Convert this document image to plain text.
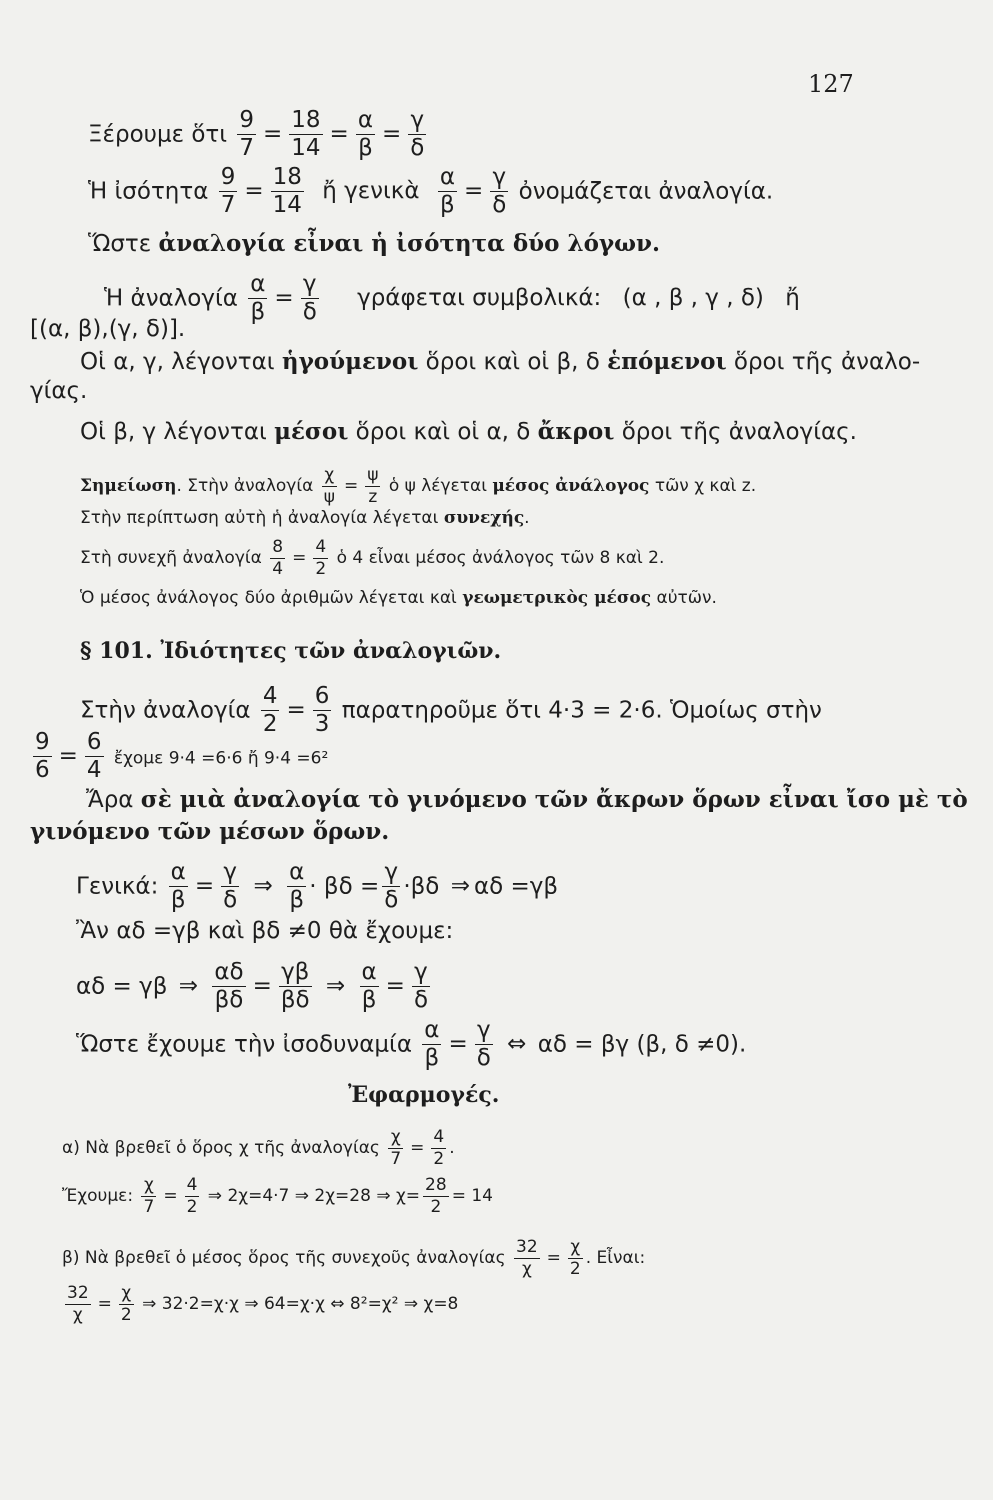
127
Ξέρουμε ὅτι $\frac{9}{7} = \frac{18}{14} = \frac{\alpha}{\beta} = \frac{\gamma}{\delta}$
Ἡ ἰσότητα $\frac{9}{7} = \frac{18}{14}$ ἤ γενικὰ $\frac{\alpha}{\beta} = \frac{\gamma}{\delta}$ ὀνομάζεται ἀναλογία.
Ὥστε ἀναλογία εἶναι ἡ ἰσότητα δύο λόγων.
Ἡ ἀναλογία $\frac{\alpha}{\beta} = \frac{\gamma}{\delta}$ γράφεται συμβολικά: (α , β , γ , δ) ἤ
[(α, β),(γ, δ)].
Οἱ α, γ, λέγονται ἡγούμενοι ὅροι καὶ οἱ β, δ ἑπόμενοι ὅροι τῆς ἀναλο-
γίας.
Οἱ β, γ λέγονται μέσοι ὅροι καὶ οἱ α, δ ἄκροι ὅροι τῆς ἀναλογίας.
Σημείωση. Στὴν ἀναλογία $\frac{\chi}{\psi} = \frac{\psi}{z}$ ὁ ψ λέγεται μέσος ἀνάλογος τῶν χ καὶ z.
Στὴν περίπτωση αὐτὴ ἡ ἀναλογία λέγεται συνεχής.
Στὴ συνεχῆ ἀναλογία $\frac{8}{4} = \frac{4}{2}$ ὁ 4 εἶναι μέσος ἀνάλογος τῶν 8 καὶ 2.
Ὁ μέσος ἀνάλογος δύο ἀριθμῶν λέγεται καὶ γεωμετρικὸς μέσος αὐτῶν.
§ 101. Ἰδιότητες τῶν ἀναλογιῶν.
Στὴν ἀναλογία $\frac{4}{2} = \frac{6}{3}$ παρατηροῦμε ὅτι 4·3 = 2·6. Ὁμοίως στὴν
$\frac{9}{6} = \frac{6}{4}$ ἔχομε 9·4 =6·6 ἤ 9·4 =6²
Ἄρα σὲ μιὰ ἀναλογία τὸ γινόμενο τῶν ἄκρων ὅρων εἶναι ἴσο μὲ τὸ
γινόμενο τῶν μέσων ὅρων.
Γενικά: $\frac{\alpha}{\beta} = \frac{\gamma}{\delta}$ ⇒ $\frac{\alpha}{\beta} \cdot \beta\delta = \frac{\gamma}{\delta} \cdot\beta\delta$ ⇒ αδ =γβ
Ἂν αδ =γβ καὶ βδ ≠0 θὰ ἔχουμε:
αδ = γβ ⇒ $\frac{\alpha\delta}{\beta\delta} = \frac{\gamma\beta}{\beta\delta}$ ⇒ $\frac{\alpha}{\beta} = \frac{\gamma}{\delta}$
Ὥστε ἔχουμε τὴν ἰσοδυναμία $\frac{\alpha}{\beta} = \frac{\gamma}{\delta}$ ⇔ αδ = βγ (β, δ ≠0).
Ἐφαρμογές.
α) Νὰ βρεθεῖ ὁ ὅρος χ τῆς ἀναλογίας $\frac{\chi}{7} = \frac{4}{2}$ .
Ἔχουμε: $\frac{\chi}{7} = \frac{4}{2}$ ⇒ 2χ=4·7 ⇒ 2χ=28 ⇒ $\chi= \frac{28}{2} = 14$
β) Νὰ βρεθεῖ ὁ μέσος ὅρος τῆς συνεχοῦς ἀναλογίας $\frac{32}{\chi} = \frac{\chi}{2}$ . Εἶναι:
$\frac{32}{\chi} = \frac{\chi}{2}$ ⇒ 32·2=χ·χ ⇒ 64=χ·χ ⇔ 8²=χ² ⇒ χ=8
